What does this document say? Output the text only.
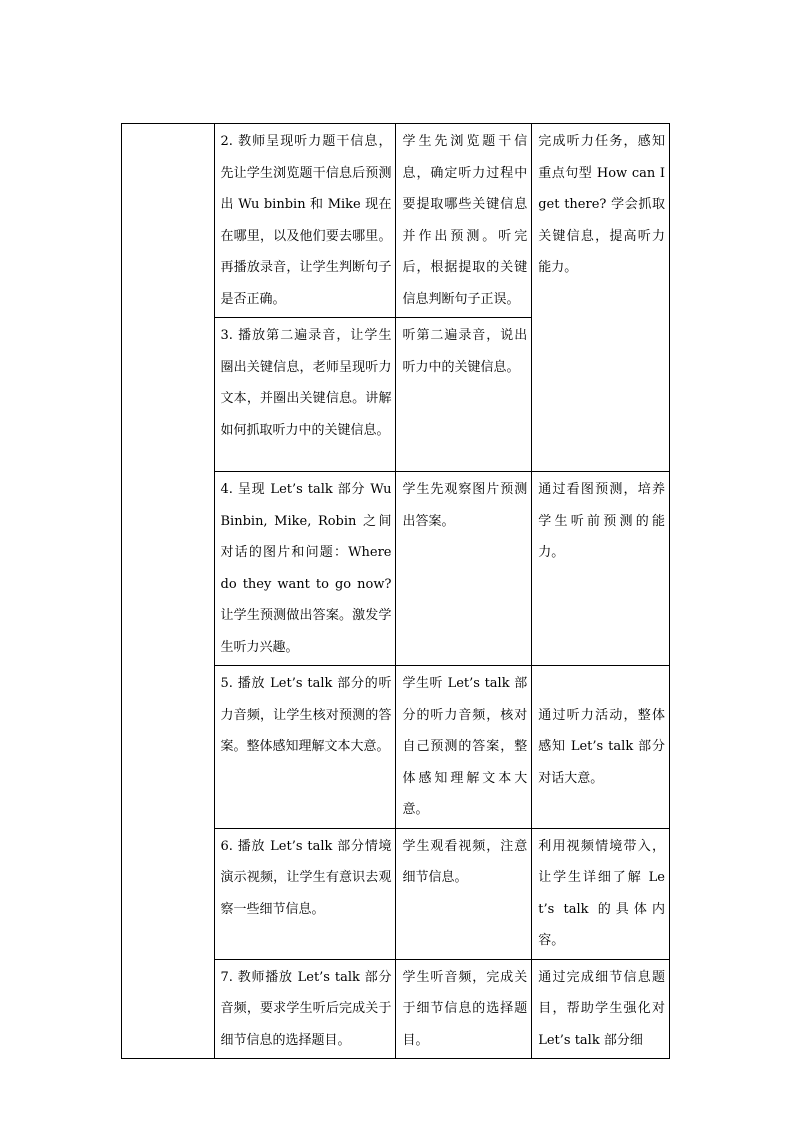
	2. 教师呈现听力题干信息，先让学生浏览题干信息后预测出 Wu binbin 和 Mike 现在在哪里，以及他们要去哪里。再播放录音，让学生判断句子是否正确。	学生先浏览题干信息，确定听力过程中要提取哪些关键信息并作出预测。听完后，根据提取的关键信息判断句子正误。	完成听力任务，感知重点句型 How can I get there? 学会抓取关键信息，提高听力能力。
	3. 播放第二遍录音，让学生圈出关键信息，老师呈现听力文本，并圈出关键信息。讲解如何抓取听力中的关键信息。	听第二遍录音，说出听力中的关键信息。	
	4. 呈现 Let’s talk 部分 Wu Binbin, Mike, Robin 之间对话的图片和问题：Where do they want to go now? 让学生预测做出答案。激发学生听力兴趣。	学生先观察图片预测出答案。	通过看图预测，培养学生听前预测的能力。
	5. 播放 Let’s talk 部分的听力音频，让学生核对预测的答案。整体感知理解文本大意。	学生听 Let’s talk 部分的听力音频，核对自己预测的答案，整体感知理解文本大意。	通过听力活动，整体感知 Let’s talk 部分对话大意。
	6. 播放 Let’s talk 部分情境演示视频，让学生有意识去观察一些细节信息。	学生观看视频，注意细节信息。	利用视频情境带入，让学生详细了解 Let’s talk 的具体内容。
	7. 教师播放 Let’s talk 部分音频，要求学生听后完成关于细节信息的选择题目。	学生听音频，完成关于细节信息的选择题目。	通过完成细节信息题目，帮助学生强化对 Let’s talk 部分细
